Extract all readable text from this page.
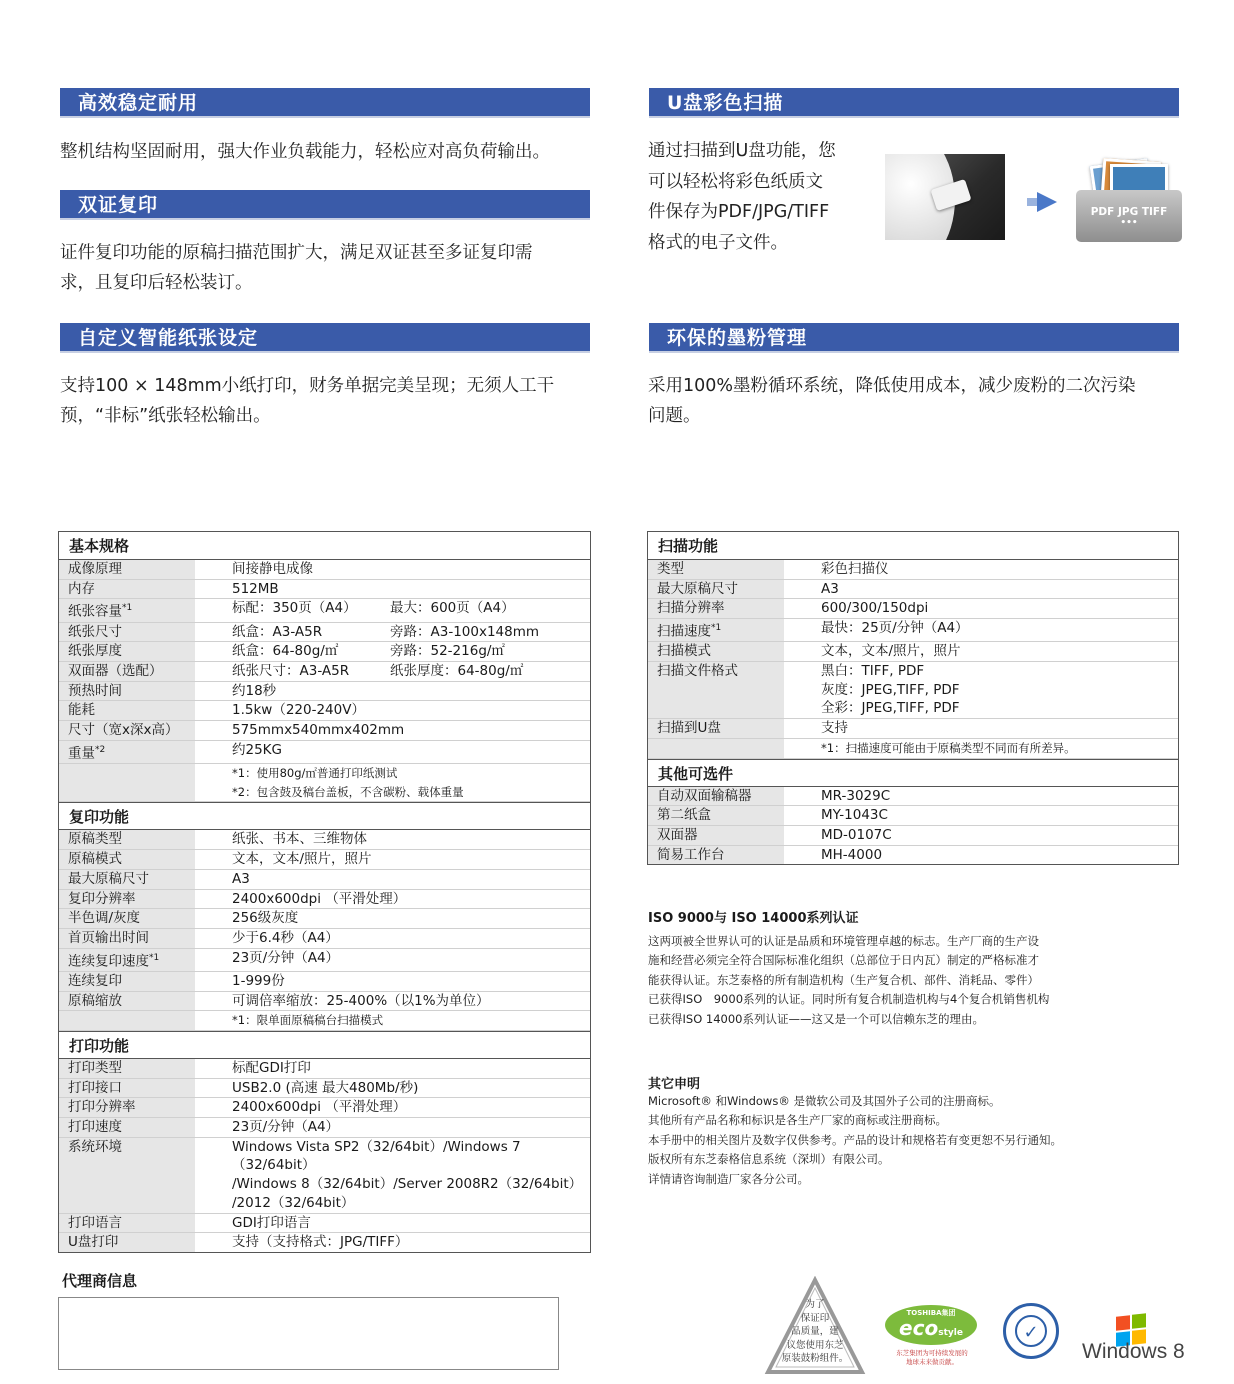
高效稳定耐用
整机结构坚固耐用，强大作业负载能力，轻松应对高负荷输出。
双证复印
证件复印功能的原稿扫描范围扩大，满足双证甚至多证复印需
求，且复印后轻松装订。
自定义智能纸张设定
支持100 × 148mm小纸打印，财务单据完美呈现；无须人工干
预，“非标”纸张轻松输出。
U盘彩色扫描
通过扫描到U盘功能，您
可以轻松将彩色纸质文
件保存为PDF/JPG/TIFF
格式的电子文件。
PDF JPG TIFF
•••
环保的墨粉管理
采用100%墨粉循环系统，降低使用成本，减少废粉的二次污染
问题。
基本规格
成像原理	间接静电成像
内存	512MB
纸张容量$^{*1}$	标配：350页（A4） 最大：600页（A4）
纸张尺寸	纸盒：A3-A5R	旁路：A3-100x148mm
纸张厚度	纸盒：64-80g/㎡	旁路：52-216g/㎡
双面器（选配）	纸张尺寸：A3-A5R	纸张厚度：64-80g/㎡
预热时间	约18秒
能耗	1.5kw（220-240V）
尺寸（宽x深x高）	575mmx540mmx402mm
重量$^{*2}$	约25KG
*1：使用80g/㎡普通打印纸测试
*2：包含鼓及稿台盖板，不含碳粉、载体重量
复印功能
原稿类型	纸张、书本、三维物体
原稿模式	文本，文本/照片，照片
最大原稿尺寸	A3
复印分辨率	2400x600dpi （平滑处理）
半色调/灰度	256级灰度
首页输出时间	少于6.4秒（A4）
连续复印速度$^{*1}$	23页/分钟（A4）
连续复印	1-999份
原稿缩放	可调倍率缩放：25-400%（以1%为单位）
*1：限单面原稿稿台扫描模式
打印功能
打印类型	标配GDI打印
打印接口	USB2.0 (高速 最大480Mb/秒)
打印分辨率	2400x600dpi （平滑处理）
打印速度	23页/分钟（A4）
系统环境	Windows Vista SP2（32/64bit）/Windows 7（32/64bit）
/Windows 8（32/64bit）/Server 2008R2（32/64bit）
/2012（32/64bit）
打印语言	GDI打印语言
U盘打印	支持（支持格式：JPG/TIFF）
扫描功能
类型	彩色扫描仪
最大原稿尺寸	A3
扫描分辨率	600/300/150dpi
扫描速度$^{*1}$	最快：25页/分钟（A4）
扫描模式	文本，文本/照片，照片
扫描文件格式	黑白：TIFF, PDF
灰度：JPEG,TIFF, PDF
全彩：JPEG,TIFF, PDF
扫描到U盘	支持
*1：扫描速度可能由于原稿类型不同而有所差异。
其他可选件
自动双面输稿器	MR-3029C
第二纸盒	MY-1043C
双面器	MD-0107C
简易工作台	MH-4000
ISO 9000与 ISO 14000系列认证
这两项被全世界认可的认证是品质和环境管理卓越的标志。生产厂商的生产设
施和经营必须完全符合国际标准化组织（总部位于日内瓦）制定的严格标准才
能获得认证。东芝泰格的所有制造机构（生产复合机、部件、消耗品、零件）
已获得ISO　9000系列的认证。同时所有复合机制造机构与4个复合机销售机构
已获得ISO 14000系列认证——这又是一个可以信赖东芝的理由。
其它申明
Microsoft® 和Windows® 是微软公司及其国外子公司的注册商标。
其他所有产品名称和标识是各生产厂家的商标或注册商标。
本手册中的相关图片及数字仅供参考。产品的设计和规格若有变更恕不另行通知。
版权所有东芝泰格信息系统（深圳）有限公司。
详情请咨询制造厂家各分公司。
代理商信息
为了
保证印
品质量，建
议您使用东芝
原装鼓粉组件。
TOSHIBA集团
ecostyle
东芝集团为可持续发展的
地球未来做贡献。
✓
Windows 8
